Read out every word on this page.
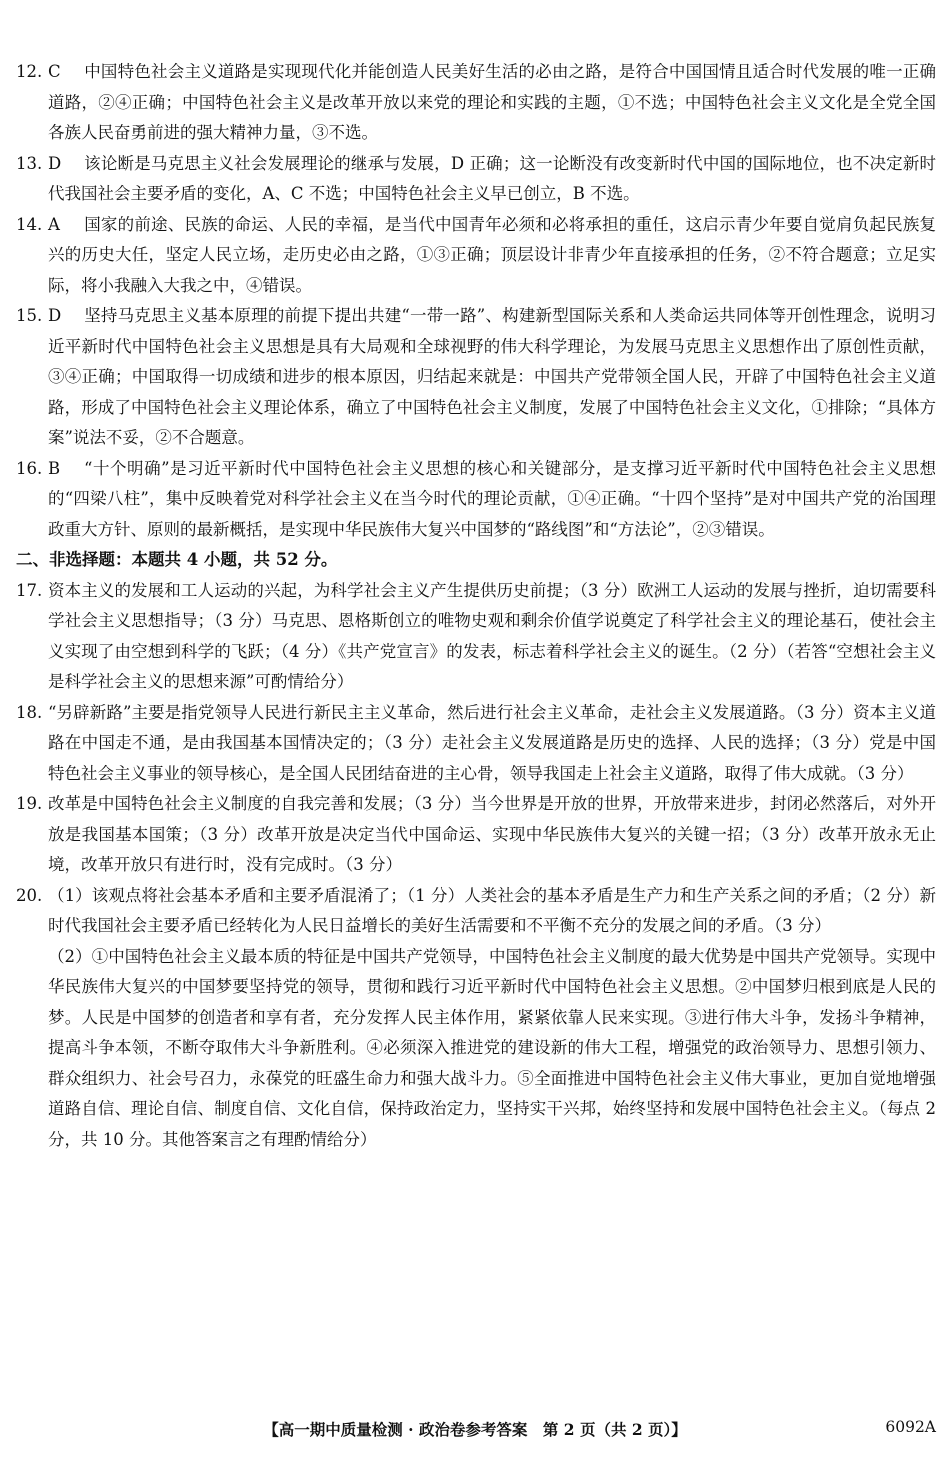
12. C 中国特色社会主义道路是实现现代化并能创造人民美好生活的必由之路，是符合中国国情且适合时代发展的唯一正确道路，②④正确；中国特色社会主义是改革开放以来党的理论和实践的主题，①不选；中国特色社会主义文化是全党全国各族人民奋勇前进的强大精神力量，③不选。
13. D 该论断是马克思主义社会发展理论的继承与发展，D 正确；这一论断没有改变新时代中国的国际地位，也不决定新时代我国社会主要矛盾的变化，A、C 不选；中国特色社会主义早已创立，B 不选。
14. A 国家的前途、民族的命运、人民的幸福，是当代中国青年必须和必将承担的重任，这启示青少年要自觉肩负起民族复兴的历史大任，坚定人民立场，走历史必由之路，①③正确；顶层设计非青少年直接承担的任务，②不符合题意；立足实际，将小我融入大我之中，④错误。
15. D 坚持马克思主义基本原理的前提下提出共建“一带一路”、构建新型国际关系和人类命运共同体等开创性理念，说明习近平新时代中国特色社会主义思想是具有大局观和全球视野的伟大科学理论，为发展马克思主义思想作出了原创性贡献，③④正确；中国取得一切成绩和进步的根本原因，归结起来就是：中国共产党带领全国人民，开辟了中国特色社会主义道路，形成了中国特色社会主义理论体系，确立了中国特色社会主义制度，发展了中国特色社会主义文化，①排除；“具体方案”说法不妥，②不合题意。
16. B “十个明确”是习近平新时代中国特色社会主义思想的核心和关键部分，是支撑习近平新时代中国特色社会主义思想的“四梁八柱”，集中反映着党对科学社会主义在当今时代的理论贡献，①④正确。“十四个坚持”是对中国共产党的治国理政重大方针、原则的最新概括，是实现中华民族伟大复兴中国梦的“路线图”和“方法论”，②③错误。
二、非选择题：本题共 4 小题，共 52 分。
17. 资本主义的发展和工人运动的兴起，为科学社会主义产生提供历史前提；（3 分）欧洲工人运动的发展与挫折，迫切需要科学社会主义思想指导；（3 分）马克思、恩格斯创立的唯物史观和剩余价值学说奠定了科学社会主义的理论基石，使社会主义实现了由空想到科学的飞跃；（4 分）《共产党宣言》的发表，标志着科学社会主义的诞生。（2 分）（若答“空想社会主义是科学社会主义的思想来源”可酌情给分）
18. “另辟新路”主要是指党领导人民进行新民主主义革命，然后进行社会主义革命，走社会主义发展道路。（3 分）资本主义道路在中国走不通，是由我国基本国情决定的；（3 分）走社会主义发展道路是历史的选择、人民的选择；（3 分）党是中国特色社会主义事业的领导核心，是全国人民团结奋进的主心骨，领导我国走上社会主义道路，取得了伟大成就。（3 分）
19. 改革是中国特色社会主义制度的自我完善和发展；（3 分）当今世界是开放的世界，开放带来进步，封闭必然落后，对外开放是我国基本国策；（3 分）改革开放是决定当代中国命运、实现中华民族伟大复兴的关键一招；（3 分）改革开放永无止境，改革开放只有进行时，没有完成时。（3 分）
20. （1）该观点将社会基本矛盾和主要矛盾混淆了；（1 分）人类社会的基本矛盾是生产力和生产关系之间的矛盾；（2 分）新时代我国社会主要矛盾已经转化为人民日益增长的美好生活需要和不平衡不充分的发展之间的矛盾。（3 分）
（2）①中国特色社会主义最本质的特征是中国共产党领导，中国特色社会主义制度的最大优势是中国共产党领导。实现中华民族伟大复兴的中国梦要坚持党的领导，贯彻和践行习近平新时代中国特色社会主义思想。②中国梦归根到底是人民的梦。人民是中国梦的创造者和享有者，充分发挥人民主体作用，紧紧依靠人民来实现。③进行伟大斗争，发扬斗争精神，提高斗争本领，不断夺取伟大斗争新胜利。④必须深入推进党的建设新的伟大工程，增强党的政治领导力、思想引领力、群众组织力、社会号召力，永葆党的旺盛生命力和强大战斗力。⑤全面推进中国特色社会主义伟大事业，更加自觉地增强道路自信、理论自信、制度自信、文化自信，保持政治定力，坚持实干兴邦，始终坚持和发展中国特色社会主义。（每点 2 分，共 10 分。其他答案言之有理酌情给分）
【高一期中质量检测 · 政治卷参考答案　第 2 页（共 2 页）】	6092A
